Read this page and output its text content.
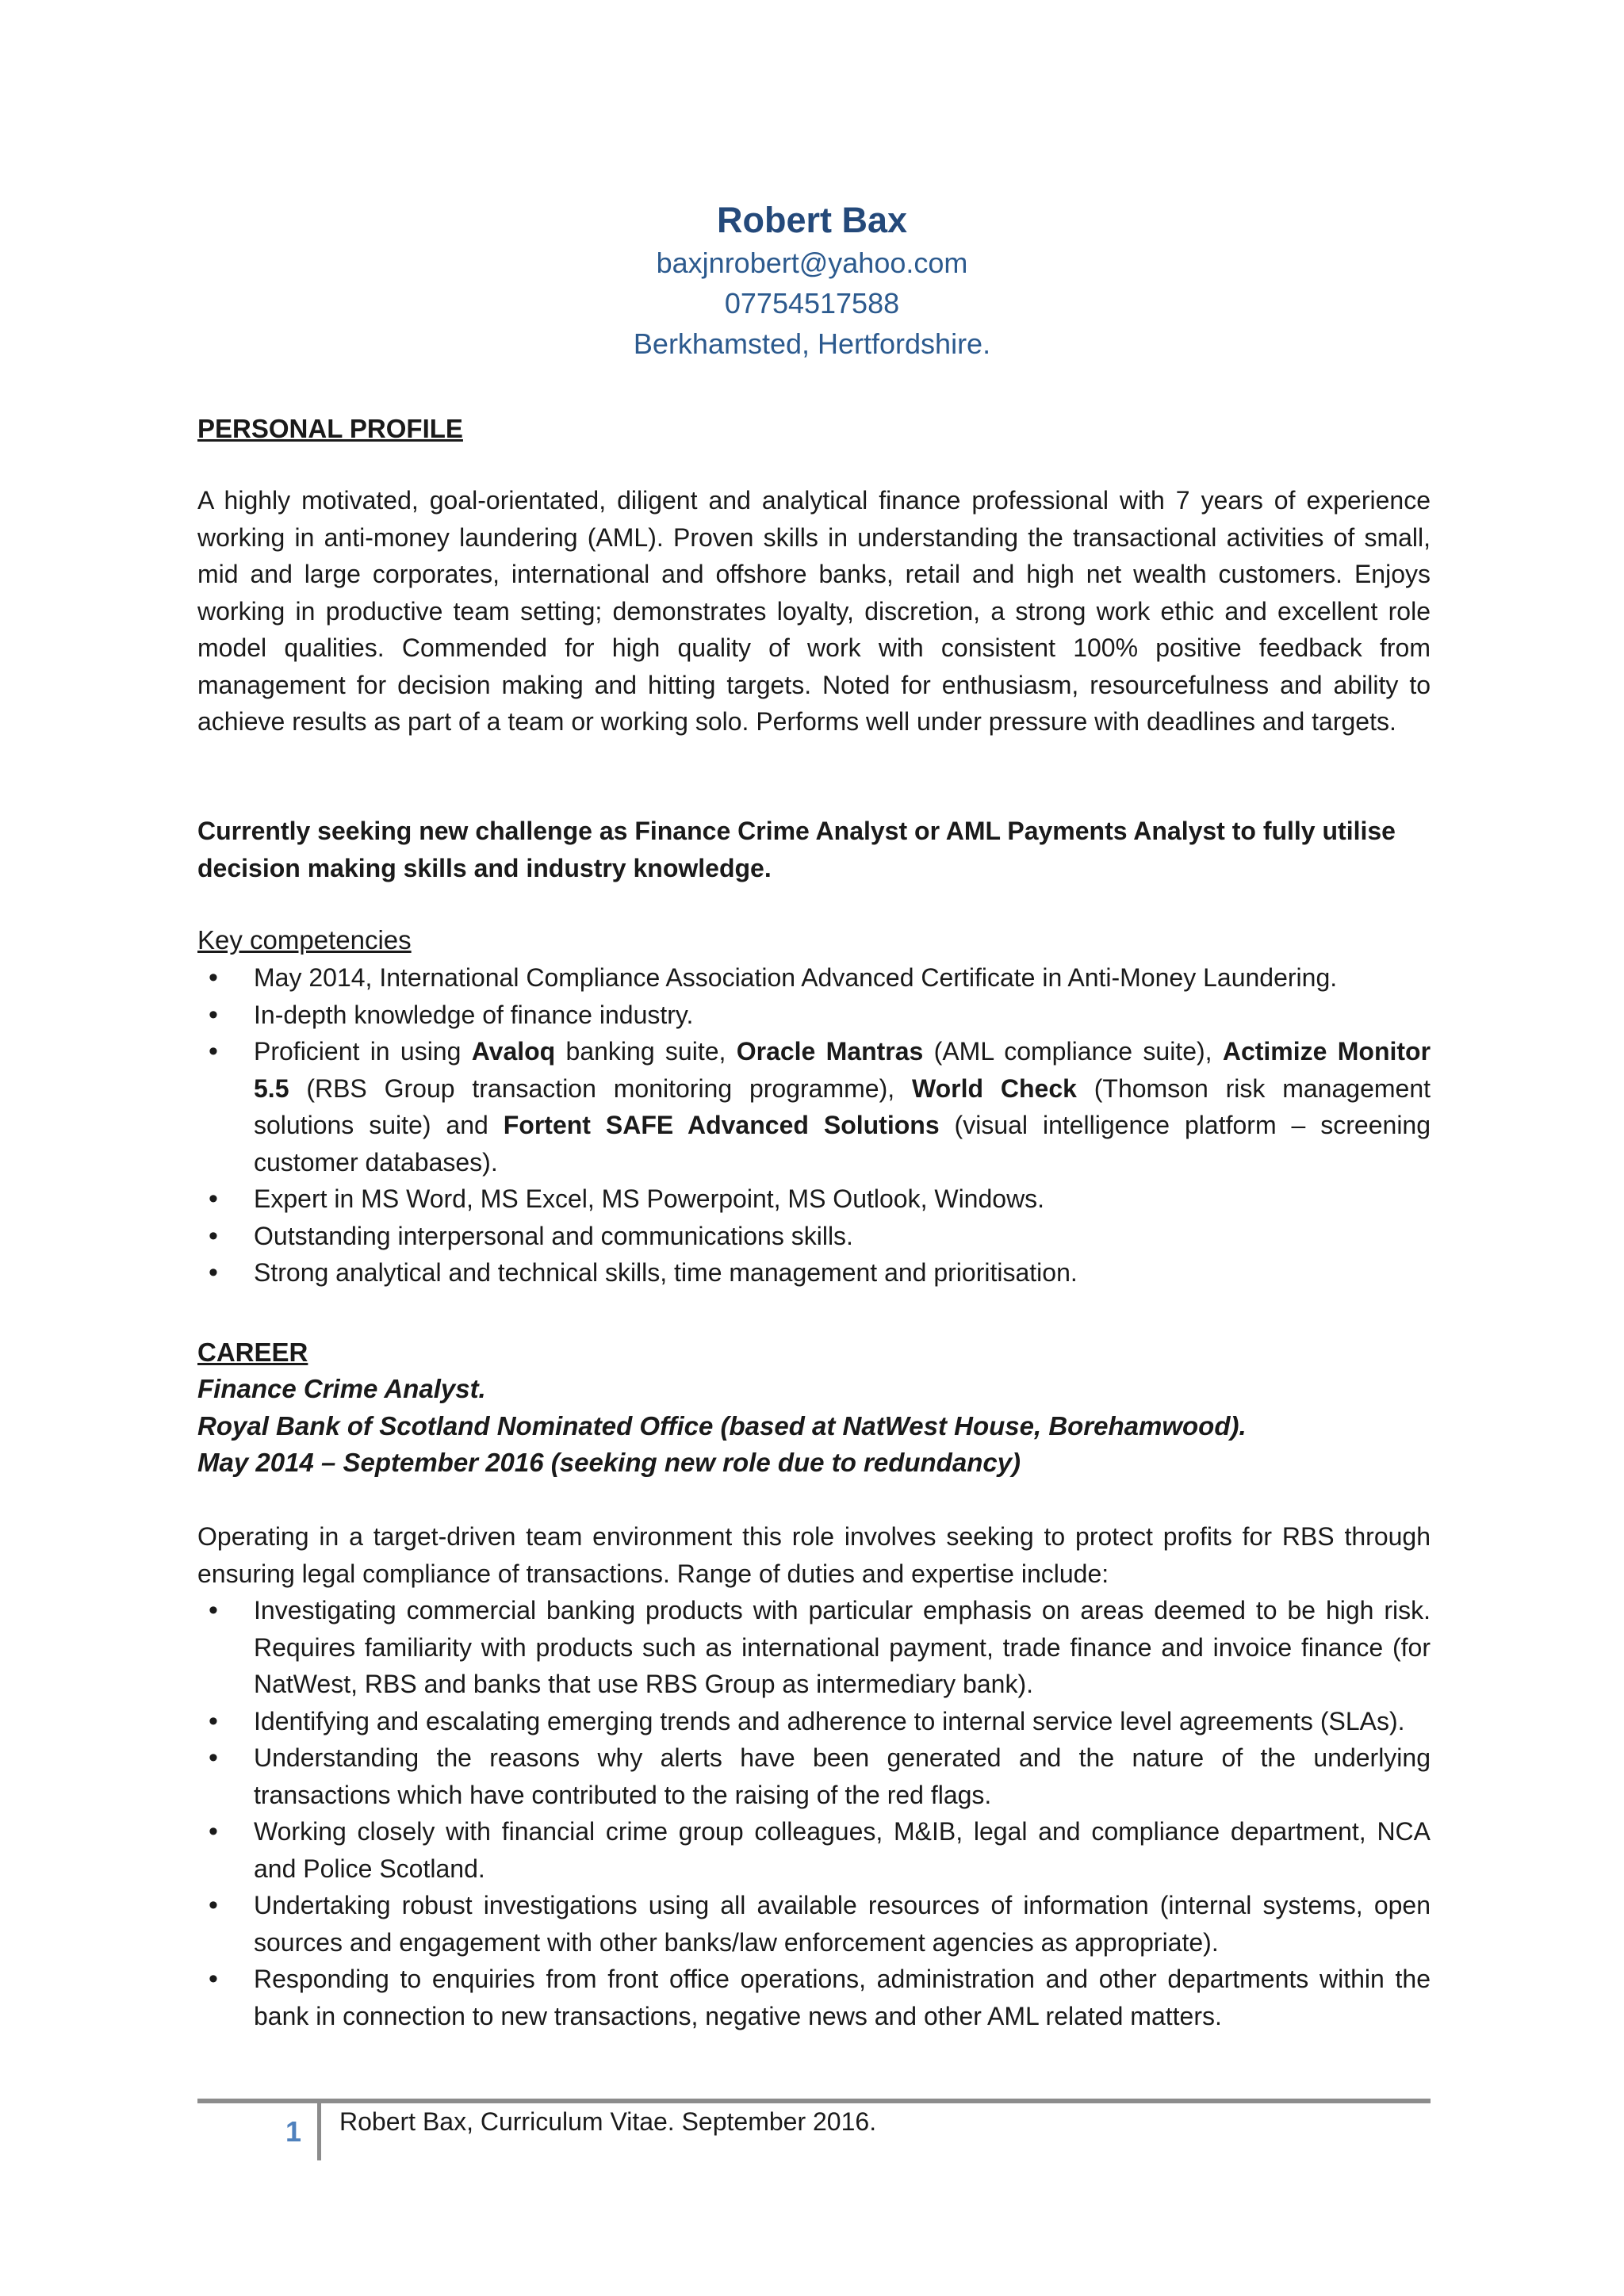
Robert Bax

baxjnrobert@yahoo.com

07754517588

Berkhamsted, Hertfordshire.

PERSONAL PROFILE

A highly motivated, goal-orientated, diligent and analytical finance professional with 7 years of experience working in anti-money laundering (AML). Proven skills in understanding the transactional activities of small, mid and large corporates, international and offshore banks, retail and high net wealth customers. Enjoys working in productive team setting; demonstrates loyalty, discretion, a strong work ethic and excellent role model qualities. Commended for high quality of work with consistent 100% positive feedback from management for decision making and hitting targets. Noted for enthusiasm, resourcefulness and ability to achieve results as part of a team or working solo. Performs well under pressure with deadlines and targets.

Currently seeking new challenge as Finance Crime Analyst or AML Payments Analyst to fully utilise decision making skills and industry knowledge.

Key competencies

• May 2014, International Compliance Association Advanced Certificate in Anti-Money Laundering.
• In-depth knowledge of finance industry.
• Proficient in using Avaloq banking suite, Oracle Mantras (AML compliance suite), Actimize Monitor 5.5 (RBS Group transaction monitoring programme), World Check (Thomson risk management solutions suite) and Fortent SAFE Advanced Solutions (visual intelligence platform – screening customer databases).
• Expert in MS Word, MS Excel, MS Powerpoint, MS Outlook, Windows.
• Outstanding interpersonal and communications skills.
• Strong analytical and technical skills, time management and prioritisation.

CAREER

Finance Crime Analyst.

Royal Bank of Scotland Nominated Office (based at NatWest House, Borehamwood).

May 2014 – September 2016 (seeking new role due to redundancy)

Operating in a target-driven team environment this role involves seeking to protect profits for RBS through ensuring legal compliance of transactions. Range of duties and expertise include:

• Investigating commercial banking products with particular emphasis on areas deemed to be high risk. Requires familiarity with products such as international payment, trade finance and invoice finance (for NatWest, RBS and banks that use RBS Group as intermediary bank).
• Identifying and escalating emerging trends and adherence to internal service level agreements (SLAs).
• Understanding the reasons why alerts have been generated and the nature of the underlying transactions which have contributed to the raising of the red flags.
• Working closely with financial crime group colleagues, M&IB, legal and compliance department, NCA and Police Scotland.
• Undertaking robust investigations using all available resources of information (internal systems, open sources and engagement with other banks/law enforcement agencies as appropriate).
• Responding to enquiries from front office operations, administration and other departments within the bank in connection to new transactions, negative news and other AML related matters.
1 Robert Bax, Curriculum Vitae. September 2016.
